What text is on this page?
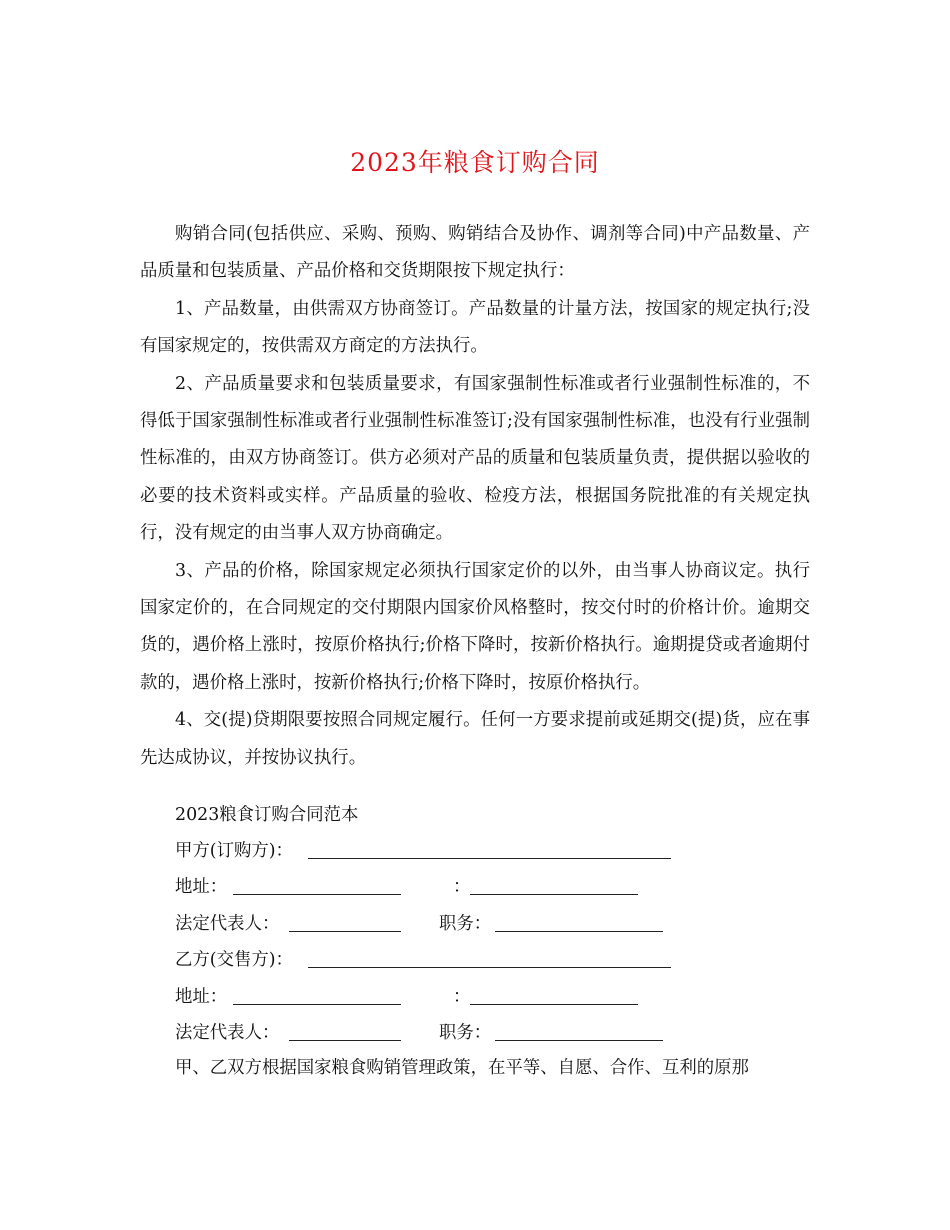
2023年粮食订购合同

购销合同(包括供应、采购、预购、购销结合及协作、调剂等合同)中产品数量、产品质量和包装质量、产品价格和交货期限按下规定执行：

1、产品数量，由供需双方协商签订。产品数量的计量方法，按国家的规定执行;没有国家规定的，按供需双方商定的方法执行。

2、产品质量要求和包装质量要求，有国家强制性标准或者行业强制性标准的，不得低于国家强制性标准或者行业强制性标准签订;没有国家强制性标准，也没有行业强制性标准的，由双方协商签订。供方必须对产品的质量和包装质量负责，提供据以验收的必要的技术资料或实样。产品质量的验收、检疫方法，根据国务院批准的有关规定执行，没有规定的由当事人双方协商确定。

3、产品的价格，除国家规定必须执行国家定价的以外，由当事人协商议定。执行国家定价的，在合同规定的交付期限内国家价风格整时，按交付时的价格计价。逾期交货的，遇价格上涨时，按原价格执行;价格下降时，按新价格执行。逾期提贷或者逾期付款的，遇价格上涨时，按新价格执行;价格下降时，按原价格执行。

4、交(提)贷期限要按照合同规定履行。任何一方要求提前或延期交(提)货，应在事先达成协议，并按协议执行。

2023粮食订购合同范本
甲方(订购方)：
地址：	：
法定代表人：	职务：
乙方(交售方)：
地址：	：
法定代表人：	职务：
甲、乙双方根据国家粮食购销管理政策，在平等、自愿、合作、互利的原那
